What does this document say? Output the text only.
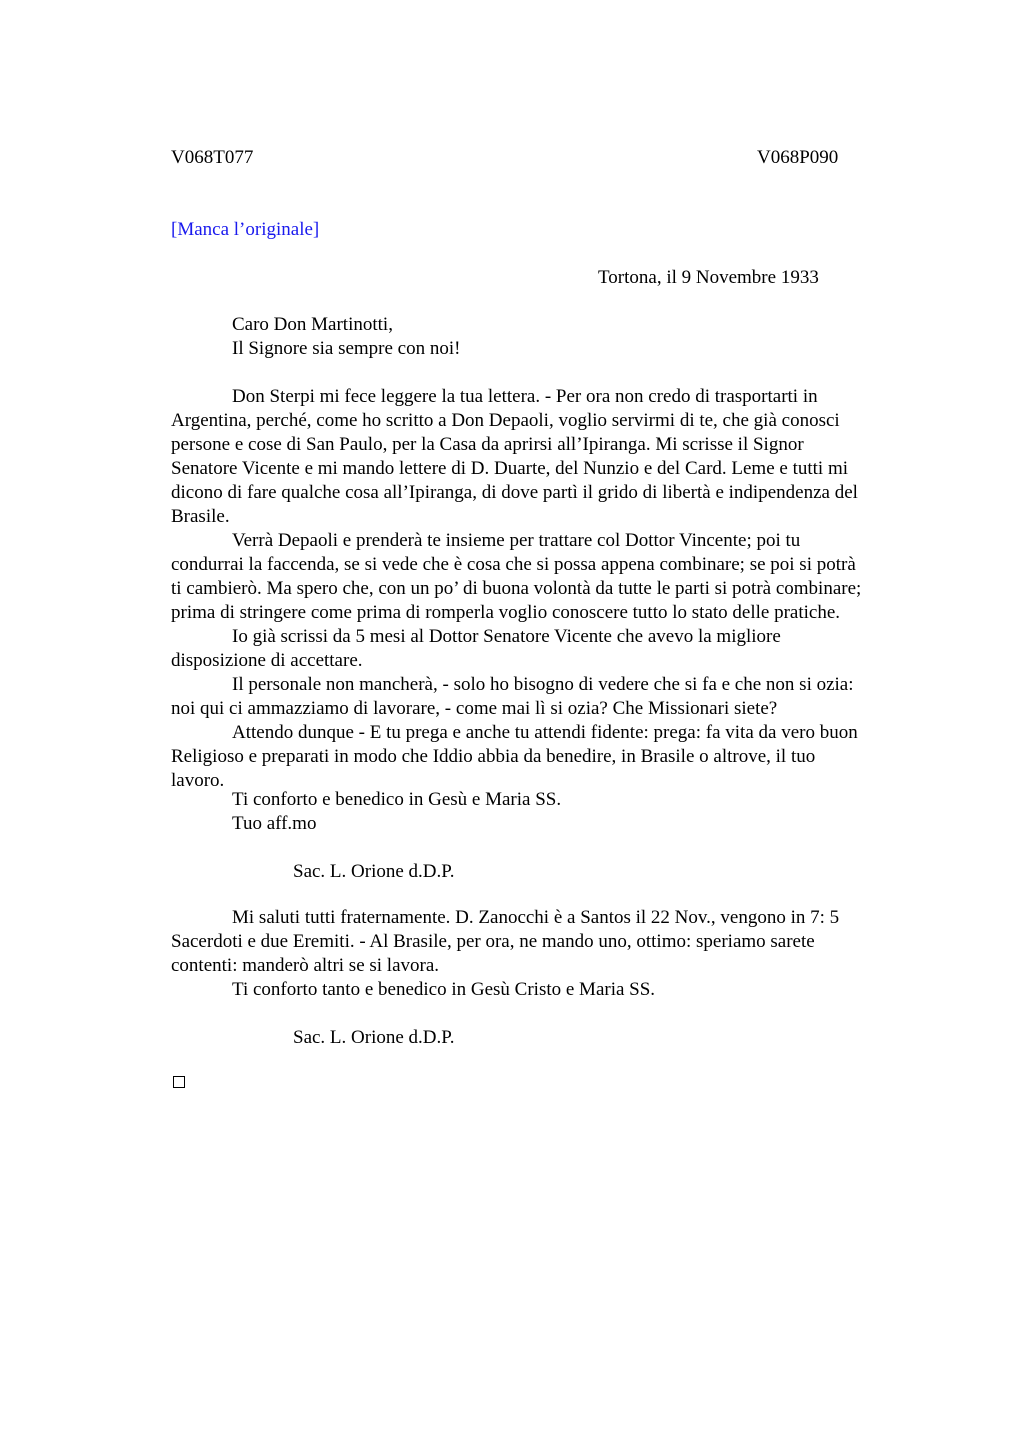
V068T077	V068P090
[Manca l’originale]
Tortona, il 9 Novembre 1933
Caro Don Martinotti,
Il Signore sia sempre con noi!
Don Sterpi mi fece leggere la tua lettera. - Per ora non credo di trasportarti in
Argentina, perché, come ho scritto a Don Depaoli, voglio servirmi di te, che già conosci
persone e cose di San Paulo, per la Casa da aprirsi all’Ipiranga. Mi scrisse il Signor
Senatore Vicente e mi mando lettere di D. Duarte, del Nunzio e del Card. Leme e tutti mi
dicono di fare qualche cosa all’Ipiranga, di dove partì il grido di libertà e indipendenza del
Brasile.
Verrà Depaoli e prenderà te insieme per trattare col Dottor Vincente; poi tu
condurrai la faccenda, se si vede che è cosa che si possa appena combinare; se poi si potrà
ti cambierò. Ma spero che, con un po’ di buona volontà da tutte le parti si potrà combinare;
prima di stringere come prima di romperla voglio conoscere tutto lo stato delle pratiche.
Io già scrissi da 5 mesi al Dottor Senatore Vicente che avevo la migliore
disposizione di accettare.
Il personale non mancherà, - solo ho bisogno di vedere che si fa e che non si ozia:
noi qui ci ammazziamo di lavorare, - come mai lì si ozia? Che Missionari siete?
Attendo dunque - E tu prega e anche tu attendi fidente: prega: fa vita da vero buon
Religioso e preparati in modo che Iddio abbia da benedire, in Brasile o altrove, il tuo
lavoro.
Ti conforto e benedico in Gesù e Maria SS.
Tuo aff.mo
Sac. L. Orione d.D.P.
Mi saluti tutti fraternamente. D. Zanocchi è a Santos il 22 Nov., vengono in 7: 5
Sacerdoti e due Eremiti. - Al Brasile, per ora, ne mando uno, ottimo: speriamo sarete
contenti: manderò altri se si lavora.
Ti conforto tanto e benedico in Gesù Cristo e Maria SS.
Sac. L. Orione d.D.P.
